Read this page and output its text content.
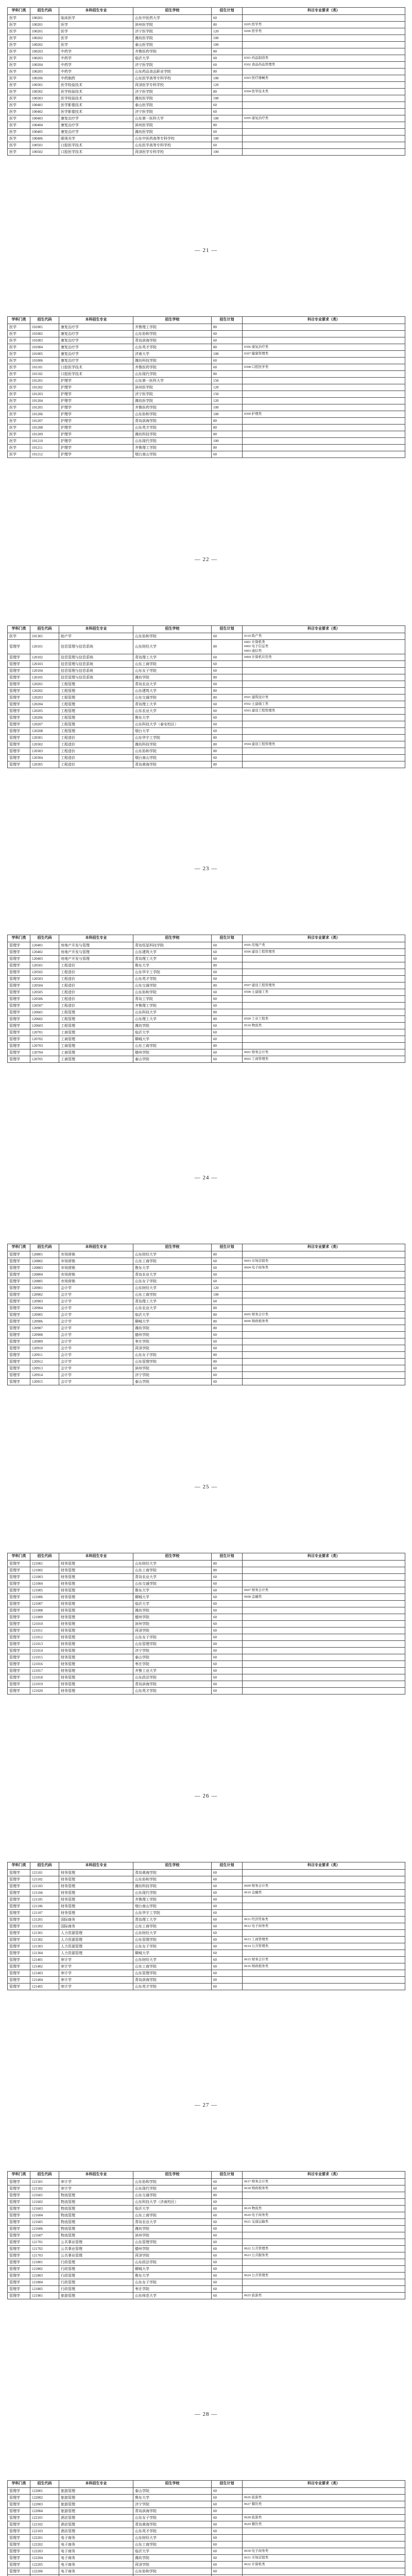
学科门类	招生代码	本科招生专业	招生学校	招生计划	科目专业要求（类）
医学	100201	临床医学	山东中医药大学	60	
医学	100201	医学	滨州医学院	80	0205 医学类
医学	100201	医学	济宁医学院	120	0206 医学类
医学	100202	医学	潍坊医学院	100	
医学	100202	医学	泰山医学院	100	
医学	100203	中药学	齐鲁医药学院	80	
医学	100203	中药学	临沂大学	60	0301 药品制造类
医学	100204	中药学	济宁医学院	60	0302 食品药品管理类
医学	100205	中药学	山东药品食品职业学院	80	
医学	100206	中药制药	山东医学高等专科学校	100	0303 医疗器械类
医学	100301	医学检验技术	菏泽医学专科学校	120	
医学	100302	医学检验技术	济宁医学院	80	0304 医学技术类
医学	100303	医学检验技术	潍坊医学院	100	
医学	100401	医学影像技术	泰山医学院	60	
医学	100402	医学影像技术	济宁医学院	60	
医学	100403	康复治疗学	山东第一医科大学	100	0305 康复治疗类
医学	100404	康复治疗学	滨州医学院	80	
医学	100405	康复治疗学	潍坊医学院	60	
医学	100406	眼视光学	山东中医药高等专科学校	100	
医学	100501	口腔医学技术	山东医学高等专科学校	60	
医学	100502	口腔医学技术	菏泽医学专科学校	100	
— 21 —
学科门类	招生代码	本科招生专业	招生学校	招生计划	科目专业要求（类）
医学	101001	康复治疗学	齐鲁理工学院	80	
医学	101002	康复治疗学	山东协和学院	60	
医学	101003	康复治疗学	青岛滨海学院	60	
医学	101004	康复治疗学	山东英才学院	80	0306 康复治疗类
医学	101005	康复治疗学	济南大学	100	0307 健康管理类
医学	101006	康复治疗学	潍坊科技学院	60	
医学	101101	口腔医学技术	齐鲁医药学院	60	0308 口腔医学类
医学	101102	口腔医学技术	山东现代学院	80	
医学	101201	护理学	山东第一医科大学	150	
医学	101202	护理学	滨州医学院	120	
医学	101203	护理学	济宁医学院	150	
医学	101204	护理学	潍坊医学院	120	
医学	101205	护理学	齐鲁医药学院	100	
医学	101206	护理学	山东协和学院	100	0309 护理类
医学	101207	护理学	青岛滨海学院	80	
医学	101208	护理学	山东英才学院	80	
医学	101209	护理学	潍坊科技学院	80	
医学	101210	护理学	山东现代学院	100	
医学	101211	护理学	齐鲁理工学院	80	
医学	101212	护理学	烟台南山学院	60	
— 22 —
学科门类	招生代码	本科招生专业	招生学校	招生计划	科目专业要求（类）
医学	101301	助产学	山东协和学院	60	0310 助产类
管理学	120101	信息管理与信息系统	山东财经大学	80	0401 计算机类
0402 电子信息类
0403 通信类
管理学	120102	信息管理与信息系统	青岛理工大学	60	0404 计算机应用类
管理学	120103	信息管理与信息系统	山东工商学院	60	
管理学	120104	信息管理与信息系统	山东女子学院	60	
管理学	120105	信息管理与信息系统	潍坊学院	80	
管理学	120201	工程管理	青岛农业大学	60	
管理学	120202	工程管理	山东建筑大学	80	
管理学	120203	工程管理	山东交通学院	80	0501 建筑设计类
管理学	120204	工程管理	青岛理工大学	60	0502 土建施工类
管理学	120205	工程管理	山东农业大学	60	0503 建设工程管理类
管理学	120206	工程管理	鲁东大学	60	
管理学	120207	工程管理	山东科技大学（泰安校区）	60	
管理学	120208	工程管理	烟台大学	60	
管理学	120301	工程造价	山东华宇工学院	80	
管理学	120302	工程造价	潍坊科技学院	80	0504 建设工程管理类
管理学	120303	工程造价	山东协和学院	80	
管理学	120304	工程造价	烟台南山学院	60	
管理学	120305	工程造价	青岛黄海学院	80	
— 23 —
学科门类	招生代码	本科招生专业	招生学校	招生计划	科目专业要求（类）
管理学	120401	房地产开发与管理	青岛恒星科技学院	60	0505 房地产类
管理学	120402	房地产开发与管理	山东建筑大学	60	0506 建设工程管理类
管理学	120403	房地产开发与管理	青岛理工大学	60	
管理学	120501	工程造价	鲁东大学	80	
管理学	120502	工程造价	山东华宇工学院	60	
管理学	120503	工程造价	山东英才学院	60	
管理学	120504	工程造价	山东交通学院	80	0507 建设工程管理类
管理学	120505	工程造价	山东协和学院	60	0508 土建施工类
管理学	120506	工程造价	青岛工学院	60	
管理学	120507	工程造价	齐鲁理工学院	60	
管理学	120601	工程管理	山东科技大学	80	
管理学	120602	工程管理	山东理工大学	80	0509 工业工程类
管理学	120603	工程管理	潍坊学院	60	0510 物流类
管理学	120701	工商管理	临沂大学	60	
管理学	120702	工商管理	聊城大学	60	
管理学	120703	工商管理	山东工商学院	80	
管理学	120704	工商管理	德州学院	60	0601 财务会计类
管理学	120705	工商管理	泰山学院	60	0602 工商管理类
— 24 —
学科门类	招生代码	本科招生专业	招生学校	招生计划	科目专业要求（类）
管理学	120801	市场营销	山东财经大学	80	
管理学	120802	市场营销	山东工商学院	60	0603 市场营销类
管理学	120803	市场营销	鲁东大学	60	0604 电子商务类
管理学	120804	市场营销	青岛农业大学	60	
管理学	120805	市场营销	山东女子学院	60	
管理学	120901	会计学	山东财经大学	120	
管理学	120902	会计学	山东工商学院	100	
管理学	120903	会计学	青岛理工大学	60	
管理学	120904	会计学	山东农业大学	80	
管理学	120905	会计学	临沂大学	80	0605 财务会计类
管理学	120906	会计学	聊城大学	80	0606 财政税务类
管理学	120907	会计学	潍坊学院	80	
管理学	120908	会计学	德州学院	60	
管理学	120909	会计学	枣庄学院	60	
管理学	120910	会计学	菏泽学院	60	
管理学	120911	会计学	山东女子学院	80	
管理学	120912	会计学	山东管理学院	80	
管理学	120913	会计学	滨州学院	60	
管理学	120914	会计学	济宁学院	60	
管理学	120915	会计学	泰山学院	60	
— 25 —
学科门类	招生代码	本科招生专业	招生学校	招生计划	科目专业要求（类）
管理学	121001	财务管理	山东财经大学	80	
管理学	121002	财务管理	山东工商学院	80	
管理学	121003	财务管理	青岛农业大学	60	
管理学	121004	财务管理	山东交通学院	60	
管理学	121005	财务管理	鲁东大学	60	0607 财务会计类
管理学	121006	财务管理	聊城大学	60	0608 金融类
管理学	121007	财务管理	临沂大学	60	
管理学	121008	财务管理	潍坊学院	60	
管理学	121009	财务管理	德州学院	60	
管理学	121010	财务管理	滨州学院	60	
管理学	121011	财务管理	菏泽学院	60	
管理学	121012	财务管理	山东女子学院	60	
管理学	121013	财务管理	山东管理学院	60	
管理学	121014	财务管理	济宁学院	60	
管理学	121015	财务管理	泰山学院	60	
管理学	121016	财务管理	枣庄学院	60	
管理学	121017	财务管理	齐鲁工业大学	60	
管理学	121018	财务管理	山东政法学院	60	
管理学	121019	财务管理	青岛滨海学院	60	
管理学	121020	财务管理	山东英才学院	60	
— 26 —
学科门类	招生代码	本科招生专业	招生学校	招生计划	科目专业要求（类）
管理学	121101	财务管理	青岛黄海学院	60	
管理学	121102	财务管理	山东协和学院	60	
管理学	121103	财务管理	潍坊科技学院	60	0609 财务会计类
管理学	121104	财务管理	山东现代学院	60	0610 金融类
管理学	121105	财务管理	齐鲁理工学院	60	
管理学	121106	财务管理	烟台南山学院	60	
管理学	121107	财务管理	山东华宇工学院	60	
管理学	121201	国际商务	青岛理工大学	60	0611 经济贸易类
管理学	121202	国际商务	山东工商学院	60	0612 电子商务类
管理学	121301	人力资源管理	山东财经大学	60	
管理学	121302	人力资源管理	山东管理学院	60	0613 工商管理类
管理学	121303	人力资源管理	山东女子学院	60	0614 公共管理类
管理学	121304	人力资源管理	聊城大学	60	
管理学	121401	审计学	山东财经大学	60	0615 财务会计类
管理学	121402	审计学	山东工商学院	60	0616 财政税务类
管理学	121403	审计学	山东管理学院	60	
管理学	121404	审计学	青岛滨海学院	60	
管理学	121405	审计学	山东英才学院	60	
— 27 —
学科门类	招生代码	本科招生专业	招生学校	招生计划	科目专业要求（类）
管理学	121501	审计学	山东协和学院	60	0617 财务会计类
管理学	121502	审计学	山东现代学院	60	0618 财政税务类
管理学	121601	物流管理	山东交通学院	80	
管理学	121602	物流管理	山东科技大学（济南校区）	60	
管理学	121603	物流管理	临沂大学	60	0619 物流类
管理学	121604	物流管理	山东工商学院	60	0620 电子商务类
管理学	121605	物流管理	青岛农业大学	60	0621 交通运输类
管理学	121606	物流管理	潍坊学院	60	
管理学	121607	物流管理	滨州学院	60	
管理学	121701	公共事业管理	山东管理学院	60	
管理学	121702	公共事业管理	德州学院	60	0622 公共管理类
管理学	121703	公共事业管理	菏泽学院	60	0623 公共服务类
管理学	121801	行政管理	山东政法学院	60	
管理学	121802	行政管理	聊城大学	60	
管理学	121803	行政管理	鲁东大学	60	0624 公共管理类
管理学	121804	行政管理	山东女子学院	60	
管理学	121805	行政管理	枣庄学院	60	
管理学	121901	旅游管理	山东师范大学	60	0625 旅游类
— 28 —
学科门类	招生代码	本科招生专业	招生学校	招生计划	科目专业要求（类）
管理学	122001	旅游管理	泰山学院	60	
管理学	122002	旅游管理	鲁东大学	60	0626 旅游类
管理学	122003	旅游管理	济宁学院	60	0627 餐饮类
管理学	122004	旅游管理	青岛滨海学院	60	
管理学	122101	酒店管理	山东女子学院	60	0628 旅游类
管理学	122102	酒店管理	青岛黄海学院	60	0629 餐饮类
管理学	122103	酒店管理	山东英才学院	60	
管理学	122201	电子商务	山东财经大学	60	
管理学	122202	电子商务	山东工商学院	60	
管理学	122203	电子商务	临沂大学	60	0630 电子商务类
管理学	122204	电子商务	潍坊学院	60	0631 市场营销类
管理学	122205	电子商务	菏泽学院	60	0632 计算机类
管理学	122206	电子商务	山东协和学院	60	
